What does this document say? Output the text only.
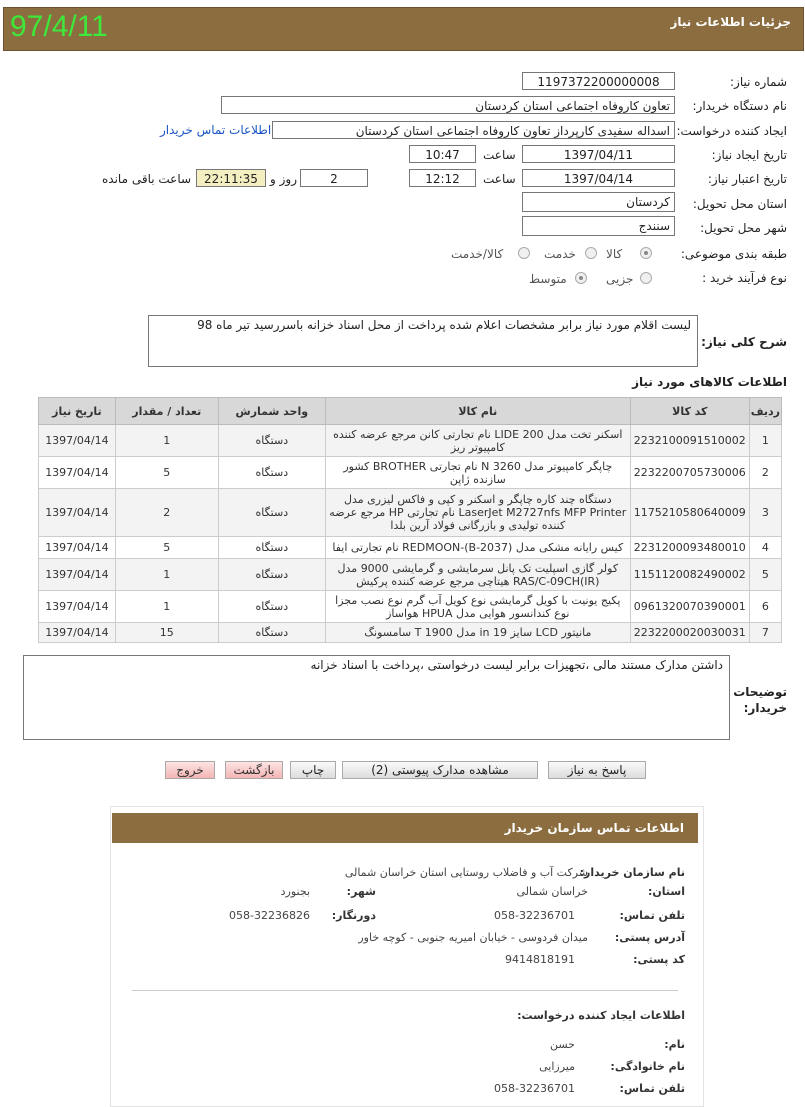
97/4/11	جزئیات اطلاعات نیاز
شماره نیاز:
1197372200000008
نام دستگاه خریدار:
تعاون کاروفاه اجتماعی استان کردستان
ایجاد کننده درخواست:
اسداله سفیدی کارپرداز تعاون کاروفاه اجتماعی استان کردستان
اطلاعات تماس خریدار
تاریخ ایجاد نیاز:
1397/04/11
ساعت
10:47
تاریخ اعتبار نیاز:
1397/04/14
ساعت
12:12
2
روز و
22:11:35
ساعت باقی مانده
استان محل تحویل:
کردستان
شهر محل تحویل:
سنندج
طبقه بندی موضوعی:
کالا
خدمت
کالا/خدمت
نوع فرآیند خرید :
جزیی
متوسط
شرح کلی نیاز:
لیست اقلام مورد نیاز برابر مشخصات اعلام شده پرداخت از محل اسناد خزانه باسررسید تیر ماه 98
اطلاعات کالاهای مورد نیاز
ردیف	کد کالا	نام کالا	واحد شمارش	تعداد / مقدار	تاریخ نیاز
1	2232100091510002	اسکنر تخت مدل LIDE 200 نام تجارتی کانن مرجع عرضه کننده کامپیوتر ریز	دستگاه	1	1397/04/14
2	2232200705730006	چاپگر کامپیوتر مدل N 3260 نام تجارتی BROTHER کشور سازنده ژاپن	دستگاه	5	1397/04/14
3	1175210580640009	دستگاه چند کاره چاپگر و اسکنر و کپی و فاکس لیزری مدل LaserJet M2727nfs MFP Printer نام تجارتی HP مرجع عرضه کننده تولیدی و بازرگانی فولاد آرین بلدا	دستگاه	2	1397/04/14
4	2231200093480010	کیس رایانه مشکی مدل REDMOON-(B-2037) نام تجارتی ایفا	دستگاه	5	1397/04/14
5	1151120082490002	کولر گازی اسپلیت تک پانل سرمایشی و گرمایشی 9000 مدل RAS/C-09CH(IR) هیتاچی مرجع عرضه کننده پرکیش	دستگاه	1	1397/04/14
6	0961320070390001	پکیج یونیت با کویل گرمایشی نوع کویل آب گرم نوع نصب مجزا نوع کندانسور هوایی مدل HPUA هواساز	دستگاه	1	1397/04/14
7	2232200020030031	مانیتور LCD سایز 19 in مدل T 1900 سامسونگ	دستگاه	15	1397/04/14
توضیحات خریدار:
داشتن مدارک مستند مالی ،تجهیزات برابر لیست درخواستی ،پرداخت با اسناد خزانه
پاسخ به نیاز
مشاهده مدارک پیوستی (2)
چاپ
بازگشت
خروج
اطلاعات تماس سازمان خریدار
نام سازمان خریدار:
شرکت آب و فاضلاب روستایی استان خراسان شمالی
استان:
خراسان شمالی
شهر:
بجنورد
تلفن تماس:
058-32236701
دورنگار:
058-32236826
آدرس پستی:
میدان فردوسی - خیابان امیریه جنوبی - کوچه خاور
کد پستی:
9414818191
اطلاعات ایجاد کننده درخواست:
نام:
حسن
نام خانوادگی:
میرزایی
تلفن تماس:
058-32236701
